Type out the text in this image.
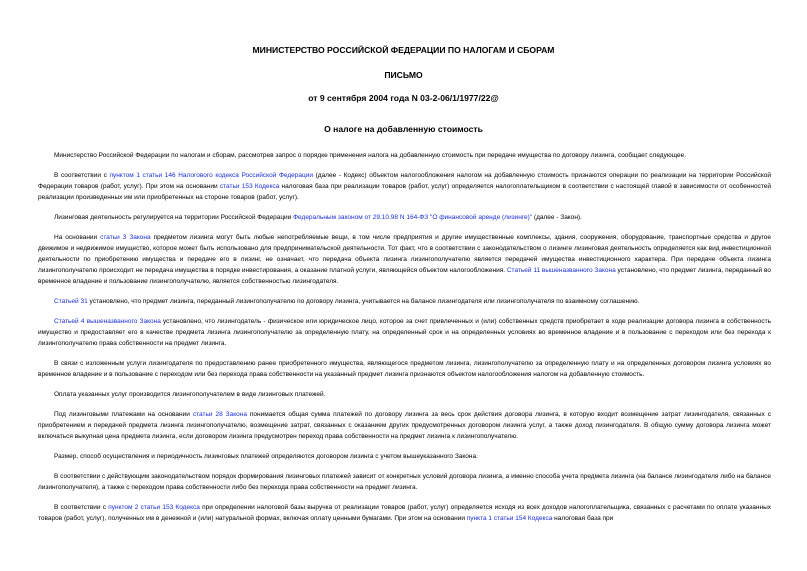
МИНИСТЕРСТВО РОССИЙСКОЙ ФЕДЕРАЦИИ ПО НАЛОГАМ И СБОРАМ

ПИСЬМО

от 9 сентября 2004 года N 03-2-06/1/1977/22@

О налоге на добавленную стоимость

Министерство Российской Федерации по налогам и сборам, рассмотрев запрос о порядке применения налога на добавленную стоимость при передаче имущества по договору лизинга, сообщает следующее.

В соответствии с пунктом 1 статьи 146 Налогового кодекса Российской Федерации (далее - Кодекс) объектом налогообложения налогом на добавленную стоимость признаются операции по реализации на территории Российской Федерации товаров (работ, услуг). При этом на основании статьи 153 Кодекса налоговая база при реализации товаров (работ, услуг) определяется налогоплательщиком в соответствии с настоящей главой в зависимости от особенностей реализации произведенных им или приобретенных на стороне товаров (работ, услуг).

Лизинговая деятельность регулируется на территории Российской Федерации Федеральным законом от 29.10.98 N 164-ФЗ "О финансовой аренде (лизинге)" (далее - Закон).

На основании статьи 3 Закона предметом лизинга могут быть любые непотребляемые вещи, в том числе предприятия и другие имущественные комплексы, здания, сооружения, оборудование, транспортные средства и другое движимое и недвижимое имущество, которое может быть использовано для предпринимательской деятельности. Тот факт, что в соответствии с законодательством о лизинге лизинговая деятельность определяется как вид инвестиционной деятельности по приобретению имущества и передаче его в лизинг, не означает, что передача объекта лизинга лизингополучателю является передачей имущества инвестиционного характера. При передаче объекта лизинга лизингополучателю происходит не передача имущества в порядке инвестирования, а оказание платной услуги, являющейся объектом налогообложения. Статьей 11 вышеназванного Закона установлено, что предмет лизинга, переданный во временное владение и пользование лизингополучателю, является собственностью лизингодателя.

Статьей 31 установлено, что предмет лизинга, переданный лизингополучателю по договору лизинга, учитывается на балансе лизингодателя или лизингополучателя по взаимному соглашению.

Статьей 4 вышеназванного Закона установлено, что лизингодатель - физическое или юридическое лицо, которое за счет привлеченных и (или) собственных средств приобретает в ходе реализации договора лизинга в собственность имущество и предоставляет его в качестве предмета лизинга лизингополучателю за определенную плату, на определенный срок и на определенных условиях во временное владение и в пользование с переходом или без перехода к лизингополучателю права собственности на предмет лизинга.

В связи с изложенным услуги лизингодателя по предоставлению ранее приобретенного имущества, являющегося предметом лизинга, лизингополучателю за определенную плату и на определенных договором лизинга условиях во временное владение и в пользование с переходом или без перехода права собственности на указанный предмет лизинга признаются объектом налогообложения налогом на добавленную стоимость.

Оплата указанных услуг производится лизингополучателем в виде лизинговых платежей.

Под лизинговыми платежами на основании статьи 28 Закона понимается общая сумма платежей по договору лизинга за весь срок действия договора лизинга, в которую входит возмещение затрат лизингодателя, связанных с приобретением и передачей предмета лизинга лизингополучателю, возмещение затрат, связанных с оказанием других предусмотренных договором лизинга услуг, а также доход лизингодателя. В общую сумму договора лизинга может включаться выкупная цена предмета лизинга, если договором лизинга предусмотрен переход права собственности на предмет лизинга к лизингополучателю.

Размер, способ осуществления и периодичность лизинговых платежей определяются договором лизинга с учетом вышеуказанного Закона.

В соответствии с действующим законодательством порядок формирования лизинговых платежей зависит от конкретных условий договора лизинга, а именно способа учета предмета лизинга (на балансе лизингодателя либо на балансе лизингополучателя), а также с переходом права собственности либо без перехода права собственности на предмет лизинга.

В соответствии с пунктом 2 статьи 153 Кодекса при определении налоговой базы выручка от реализации товаров (работ, услуг) определяется исходя из всех доходов налогоплательщика, связанных с расчетами по оплате указанных товаров (работ, услуг), полученных им в денежной и (или) натуральной формах, включая оплату ценными бумагами. При этом на основании пункта 1 статьи 154 Кодекса налоговая база при
